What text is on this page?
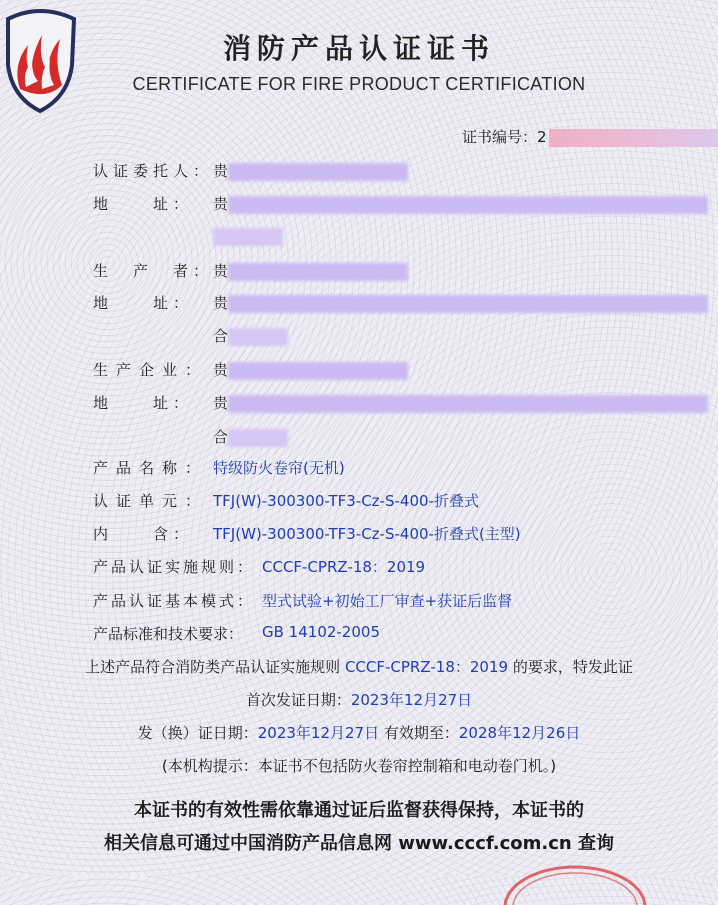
消防产品认证证书
CERTIFICATE FOR FIRE PRODUCT CERTIFICATION
证书编号：2
认证委托人： 贵
地　　址： 贵
生　产　者： 贵
地　　址： 贵
合
生产企业： 贵
地　　址： 贵
合
产品名称： 特级防火卷帘(无机)
认证单元： TFJ(W)-300300-TF3-Cz-S-400-折叠式
内　　含： TFJ(W)-300300-TF3-Cz-S-400-折叠式(主型)
产品认证实施规则： CCCF-CPRZ-18：2019
产品认证基本模式： 型式试验+初始工厂审查+获证后监督
产品标准和技术要求： GB 14102-2005
上述产品符合消防类产品认证实施规则 CCCF-CPRZ-18：2019 的要求，特发此证
首次发证日期：2023年12月27日
发（换）证日期：2023年12月27日 有效期至：2028年12月26日
(本机构提示：本证书不包括防火卷帘控制箱和电动卷门机。)
本证书的有效性需依靠通过证后监督获得保持，本证书的
相关信息可通过中国消防产品信息网 www.cccf.com.cn 查询
